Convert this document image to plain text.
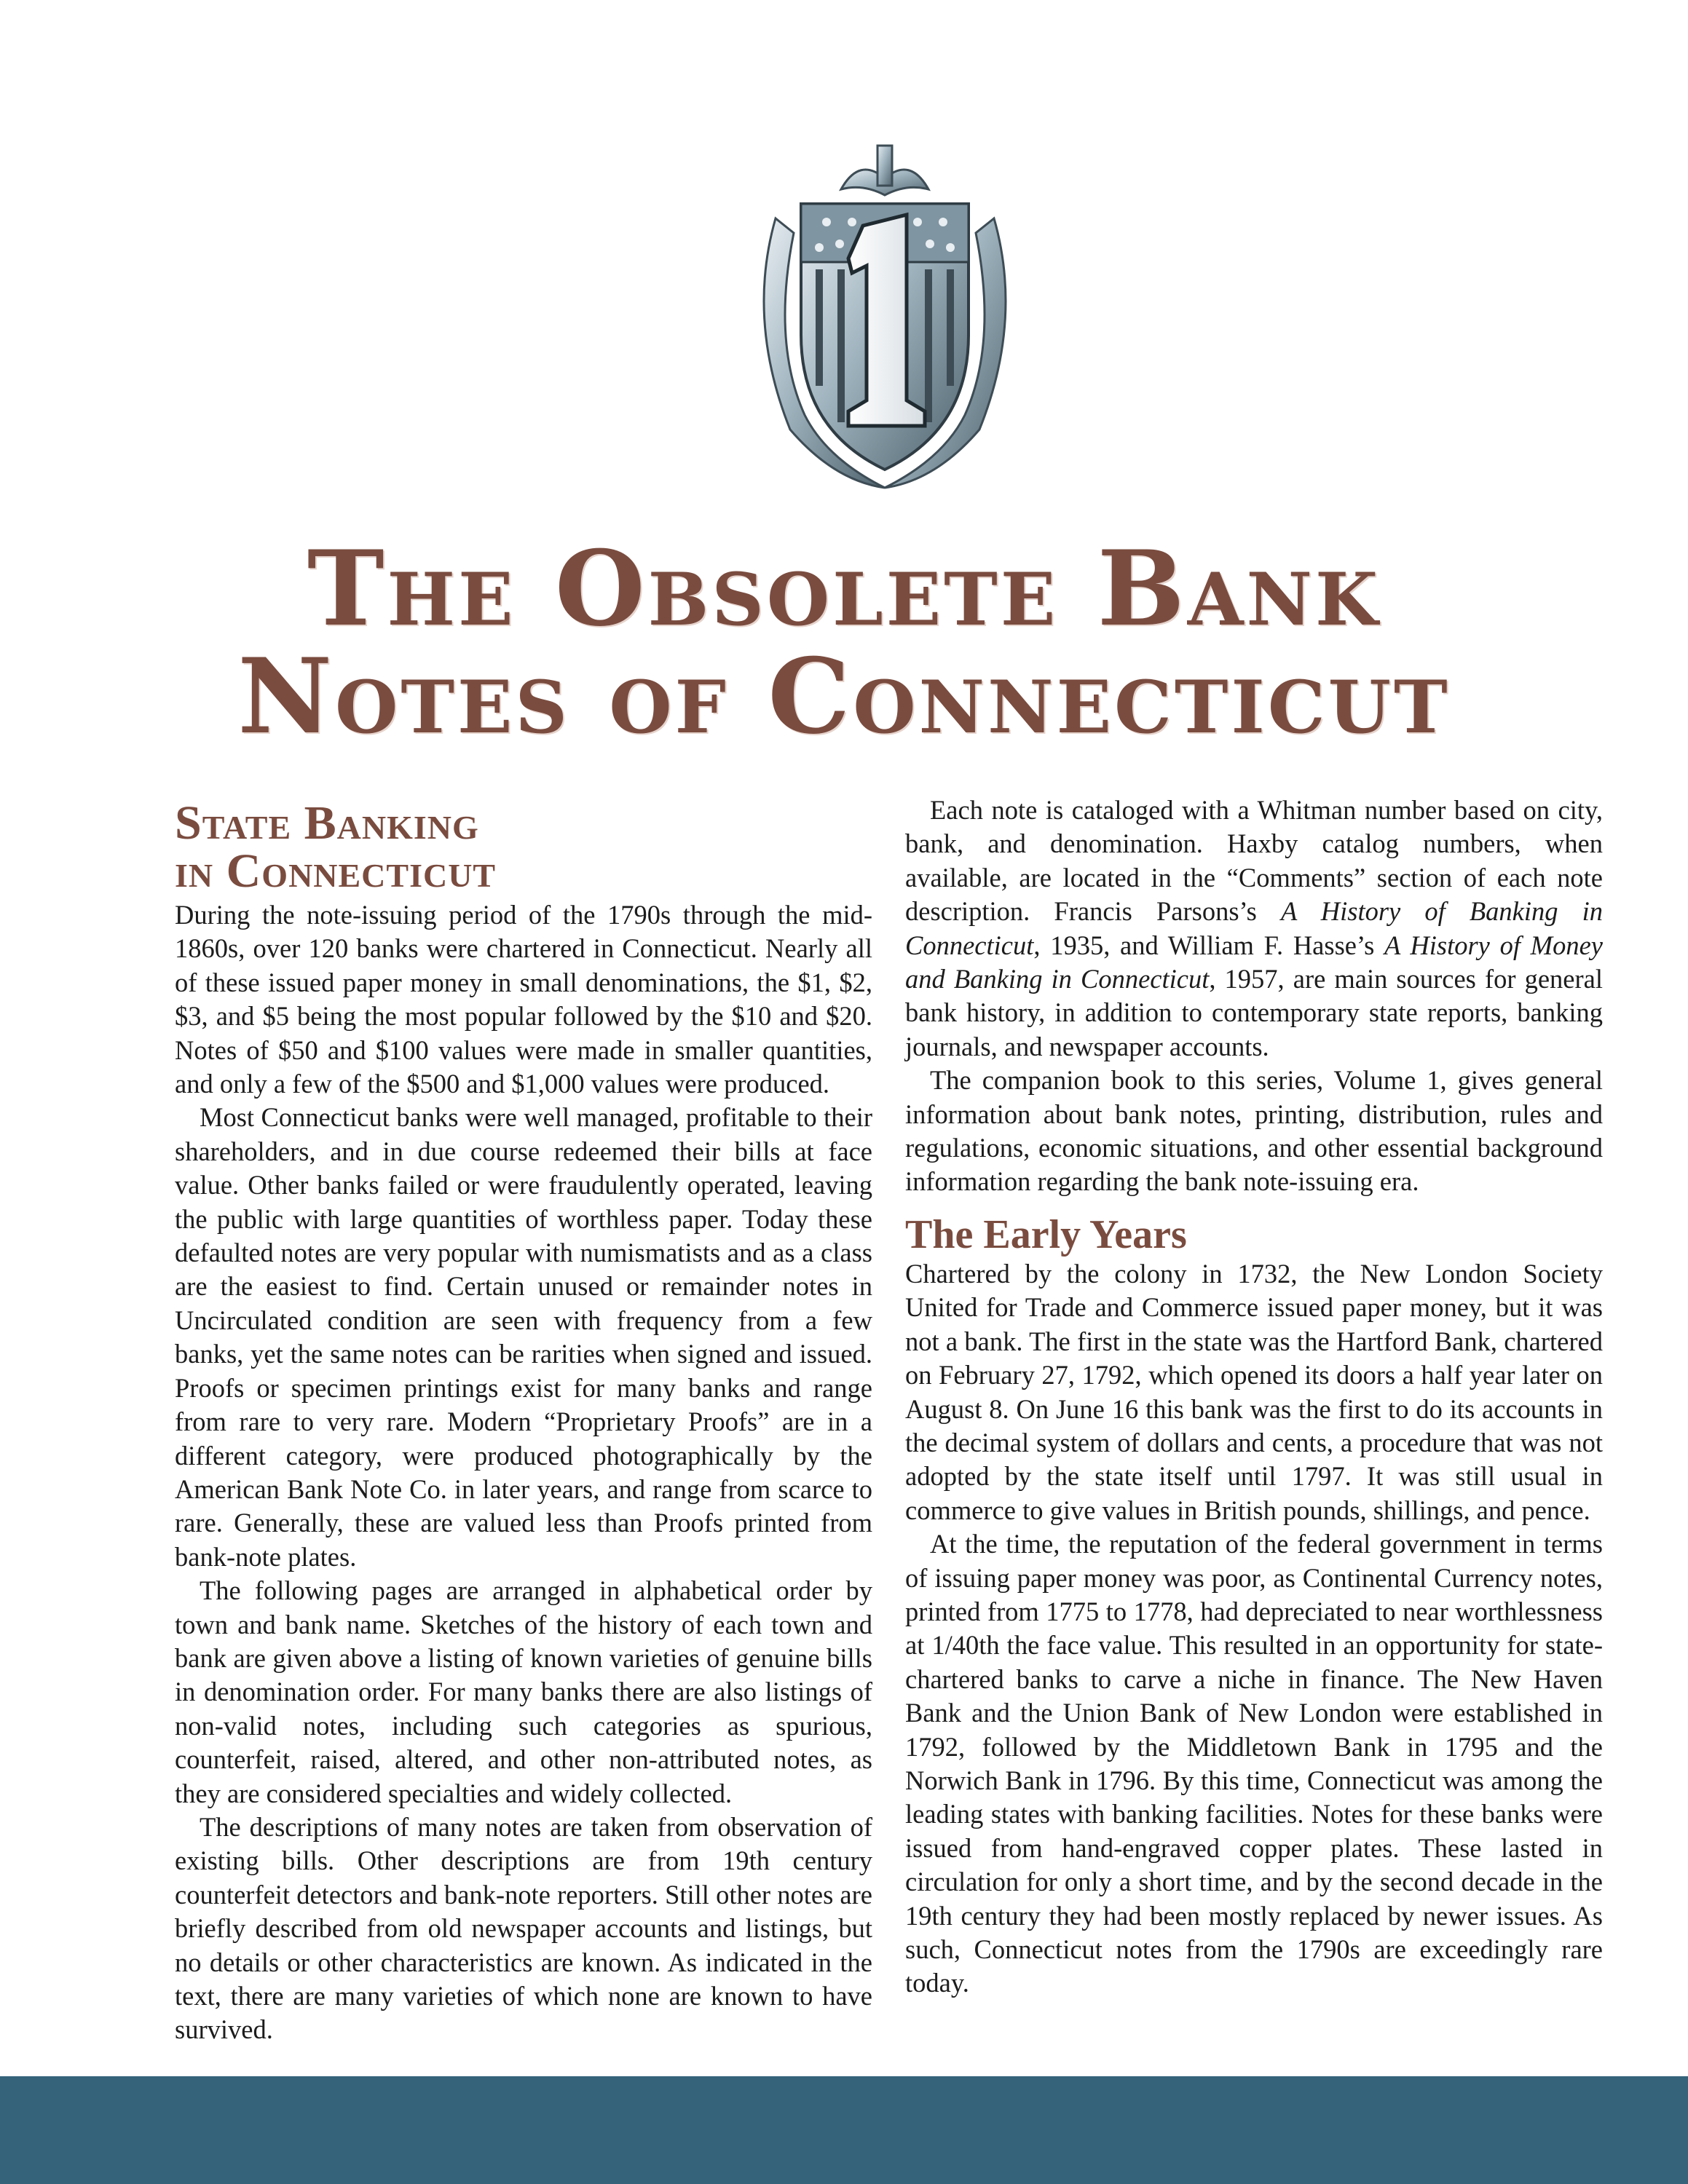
The Obsolete Bank
Notes of Connecticut
State Banking
in Connecticut

During the note-issuing period of the 1790s through the mid-1860s, over 120 banks were chartered in Connecticut. Nearly all of these issued paper money in small denominations, the $1, $2, $3, and $5 being the most popular followed by the $10 and $20. Notes of $50 and $100 values were made in smaller quantities, and only a few of the $500 and $1,000 values were produced.

Most Connecticut banks were well managed, profitable to their shareholders, and in due course redeemed their bills at face value. Other banks failed or were fraudulently operated, leaving the public with large quantities of worthless paper. Today these defaulted notes are very popular with numismatists and as a class are the easiest to find. Certain unused or remainder notes in Uncirculated condition are seen with frequency from a few banks, yet the same notes can be rarities when signed and issued. Proofs or specimen printings exist for many banks and range from rare to very rare. Modern “Proprietary Proofs” are in a different category, were produced photographically by the American Bank Note Co. in later years, and range from scarce to rare. Generally, these are valued less than Proofs printed from bank-note plates.

The following pages are arranged in alphabetical order by town and bank name. Sketches of the history of each town and bank are given above a listing of known varieties of genuine bills in denomination order. For many banks there are also listings of non-valid notes, including such categories as spurious, counterfeit, raised, altered, and other non-attributed notes, as they are considered specialties and widely collected.

The descriptions of many notes are taken from observation of existing bills. Other descriptions are from 19th century counterfeit detectors and bank-note reporters. Still other notes are briefly described from old newspaper accounts and listings, but no details or other characteristics are known. As indicated in the text, there are many varieties of which none are known to have survived.

Each note is cataloged with a Whitman number based on city, bank, and denomination. Haxby catalog numbers, when available, are located in the “Comments” section of each note description. Francis Parsons’s A History of Banking in Connecticut, 1935, and William F. Hasse’s A History of Money and Banking in Connecticut, 1957, are main sources for general bank history, in addition to contemporary state reports, banking journals, and newspaper accounts.

The companion book to this series, Volume 1, gives general information about bank notes, printing, distribution, rules and regulations, economic situations, and other essential background information regarding the bank note-issuing era.

The Early Years

Chartered by the colony in 1732, the New London Society United for Trade and Commerce issued paper money, but it was not a bank. The first in the state was the Hartford Bank, chartered on February 27, 1792, which opened its doors a half year later on August 8. On June 16 this bank was the first to do its accounts in the decimal system of dollars and cents, a procedure that was not adopted by the state itself until 1797. It was still usual in commerce to give values in British pounds, shillings, and pence.

At the time, the reputation of the federal government in terms of issuing paper money was poor, as Continental Currency notes, printed from 1775 to 1778, had depreciated to near worthlessness at 1/40th the face value. This resulted in an opportunity for state-chartered banks to carve a niche in finance. The New Haven Bank and the Union Bank of New London were established in 1792, followed by the Middletown Bank in 1795 and the Norwich Bank in 1796. By this time, Connecticut was among the leading states with banking facilities. Notes for these banks were issued from hand-engraved copper plates. These lasted in circulation for only a short time, and by the second decade in the 19th century they had been mostly replaced by newer issues. As such, Connecticut notes from the 1790s are exceedingly rare today.
